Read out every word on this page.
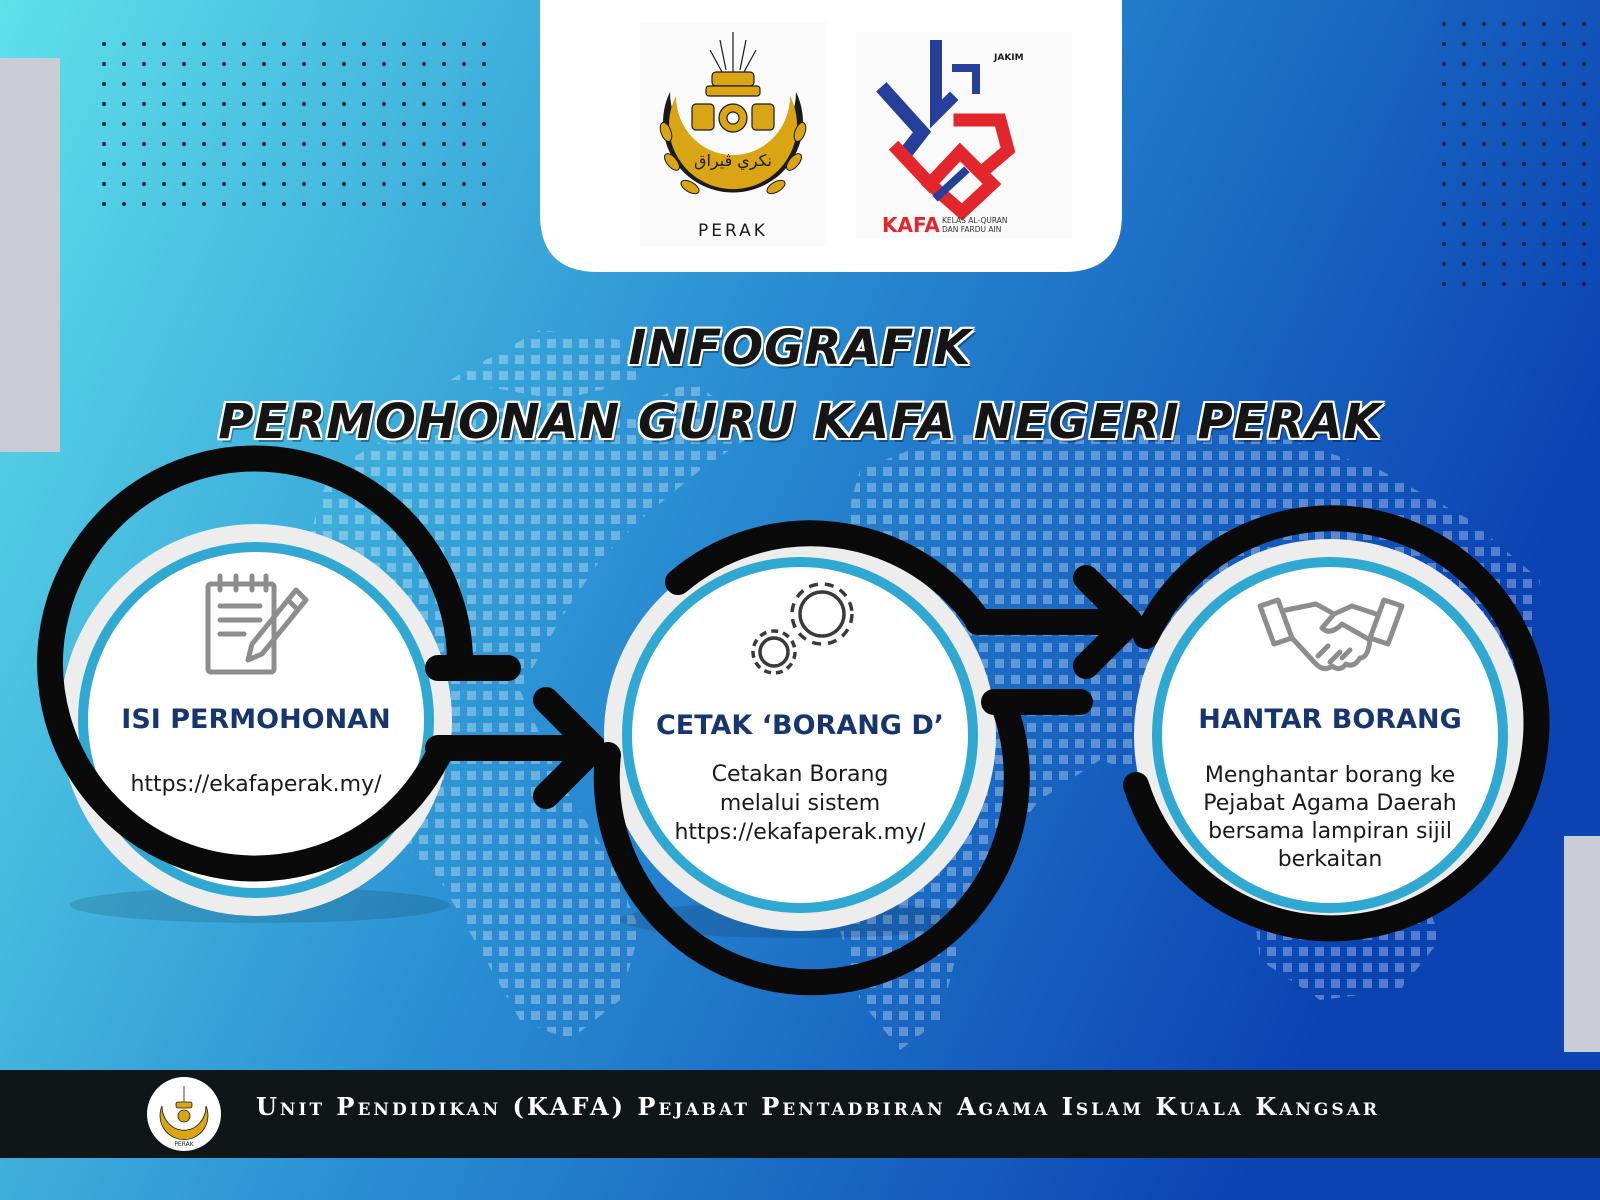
نكري ڤيراق
PERAK
JAKIM
KAFA KELAS AL-QURAN
DAN FARDU AIN
INFOGRAFIK
PERMOHONAN GURU KAFA NEGERI PERAK
ISI PERMOHONAN
https://ekafaperak.my/
CETAK ‘BORANG D’
Cetakan Borang
melalui sistem
https://ekafaperak.my/
HANTAR BORANG
Menghantar borang ke
Pejabat Agama Daerah
bersama lampiran sijil
berkaitan
PERAK
Unit Pendidikan (KAFA) Pejabat Pentadbiran Agama Islam Kuala Kangsar
